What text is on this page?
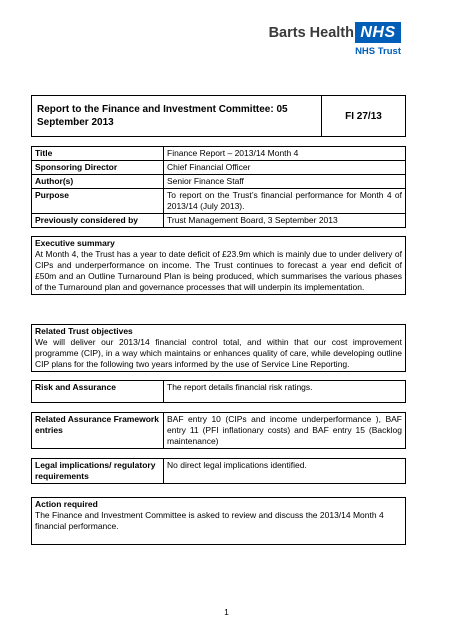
Barts Health NHS
NHS Trust
Report to the Finance and Investment Committee: 05 September 2013	FI 27/13
Title	Finance Report – 2013/14 Month 4
Sponsoring Director	Chief Financial Officer
Author(s)	Senior Finance Staff
Purpose	To report on the Trust’s financial performance for Month 4 of 2013/14 (July 2013).
Previously considered by	Trust Management Board, 3 September 2013
Executive summary
At Month 4, the Trust has a year to date deficit of £23.9m which is mainly due to under delivery of CIPs and underperformance on income. The Trust continues to forecast a year end deficit of £50m and an Outline Turnaround Plan is being produced, which summarises the various phases of the Turnaround plan and governance processes that will underpin its implementation.
Related Trust objectives
We will deliver our 2013/14 financial control total, and within that our cost improvement programme (CIP), in a way which maintains or enhances quality of care, while developing outline CIP plans for the following two years informed by the use of Service Line Reporting.
Risk and Assurance	The report details financial risk ratings.
Related Assurance Framework entries	BAF entry 10 (CIPs and income underperformance ), BAF entry 11 (PFI inflationary costs) and BAF entry 15 (Backlog maintenance)
Legal implications/ regulatory requirements	No direct legal implications identified.
Action required
The Finance and Investment Committee is asked to review and discuss the 2013/14 Month 4 financial performance.
1
